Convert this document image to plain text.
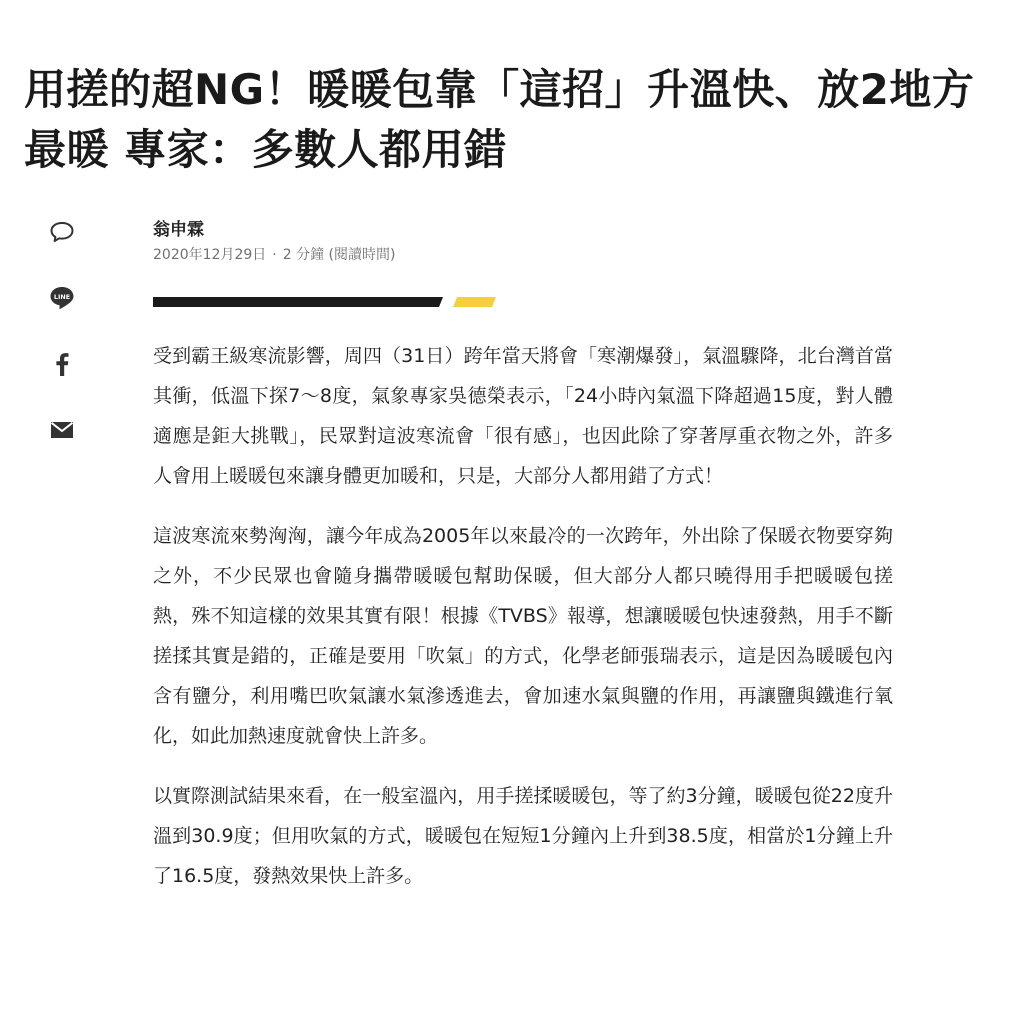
用搓的超NG！暖暖包靠「這招」升溫快、放2地方最暖 專家：多數人都用錯
LINE
翁申霖
2020年12月29日 · 2 分鐘 (閱讀時間)

受到霸王級寒流影響，周四（31日）跨年當天將會「寒潮爆發」，氣溫驟降，北台灣首當其衝，低溫下探7～8度，氣象專家吳德榮表示，「24小時內氣溫下降超過15度，對人體適應是鉅大挑戰」，民眾對這波寒流會「很有感」，也因此除了穿著厚重衣物之外，許多人會用上暖暖包來讓身體更加暖和，只是，大部分人都用錯了方式！

這波寒流來勢洶洶，讓今年成為2005年以來最冷的一次跨年，外出除了保暖衣物要穿夠之外，不少民眾也會隨身攜帶暖暖包幫助保暖，但大部分人都只曉得用手把暖暖包搓熱，殊不知這樣的效果其實有限！根據《TVBS》報導，想讓暖暖包快速發熱，用手不斷搓揉其實是錯的，正確是要用「吹氣」的方式，化學老師張瑞表示，這是因為暖暖包內含有鹽分，利用嘴巴吹氣讓水氣滲透進去，會加速水氣與鹽的作用，再讓鹽與鐵進行氧化，如此加熱速度就會快上許多。

以實際測試結果來看，在一般室溫內，用手搓揉暖暖包，等了約3分鐘，暖暖包從22度升溫到30.9度；但用吹氣的方式，暖暖包在短短1分鐘內上升到38.5度，相當於1分鐘上升了16.5度，發熱效果快上許多。
